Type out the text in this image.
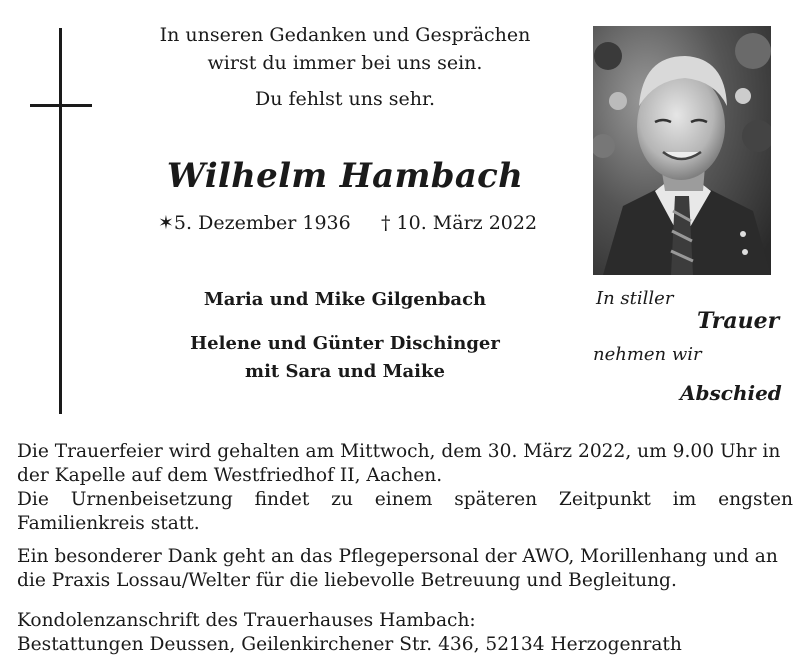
In unseren Gedanken und Gesprächen
wirst du immer bei uns sein.
Du fehlst uns sehr.
Wilhelm Hambach
✶5. Dezember 1936 † 10. März 2022
Maria und Mike Gilgenbach
Helene und Günter Dischinger
mit Sara und Maike
In stiller
Trauer
nehmen wir
Abschied
Die Trauerfeier wird gehalten am Mittwoch, dem 30. März 2022, um 9.00 Uhr in
der Kapelle auf dem Westfriedhof II, Aachen.
Die Urnenbeisetzung findet zu einem späteren Zeitpunkt im engsten
Familienkreis statt.
Ein besonderer Dank geht an das Pflegepersonal der AWO, Morillenhang und an
die Praxis Lossau/Welter für die liebevolle Betreuung und Begleitung.
Kondolenzanschrift des Trauerhauses Hambach:
Bestattungen Deussen, Geilenkirchener Str. 436, 52134 Herzogenrath
